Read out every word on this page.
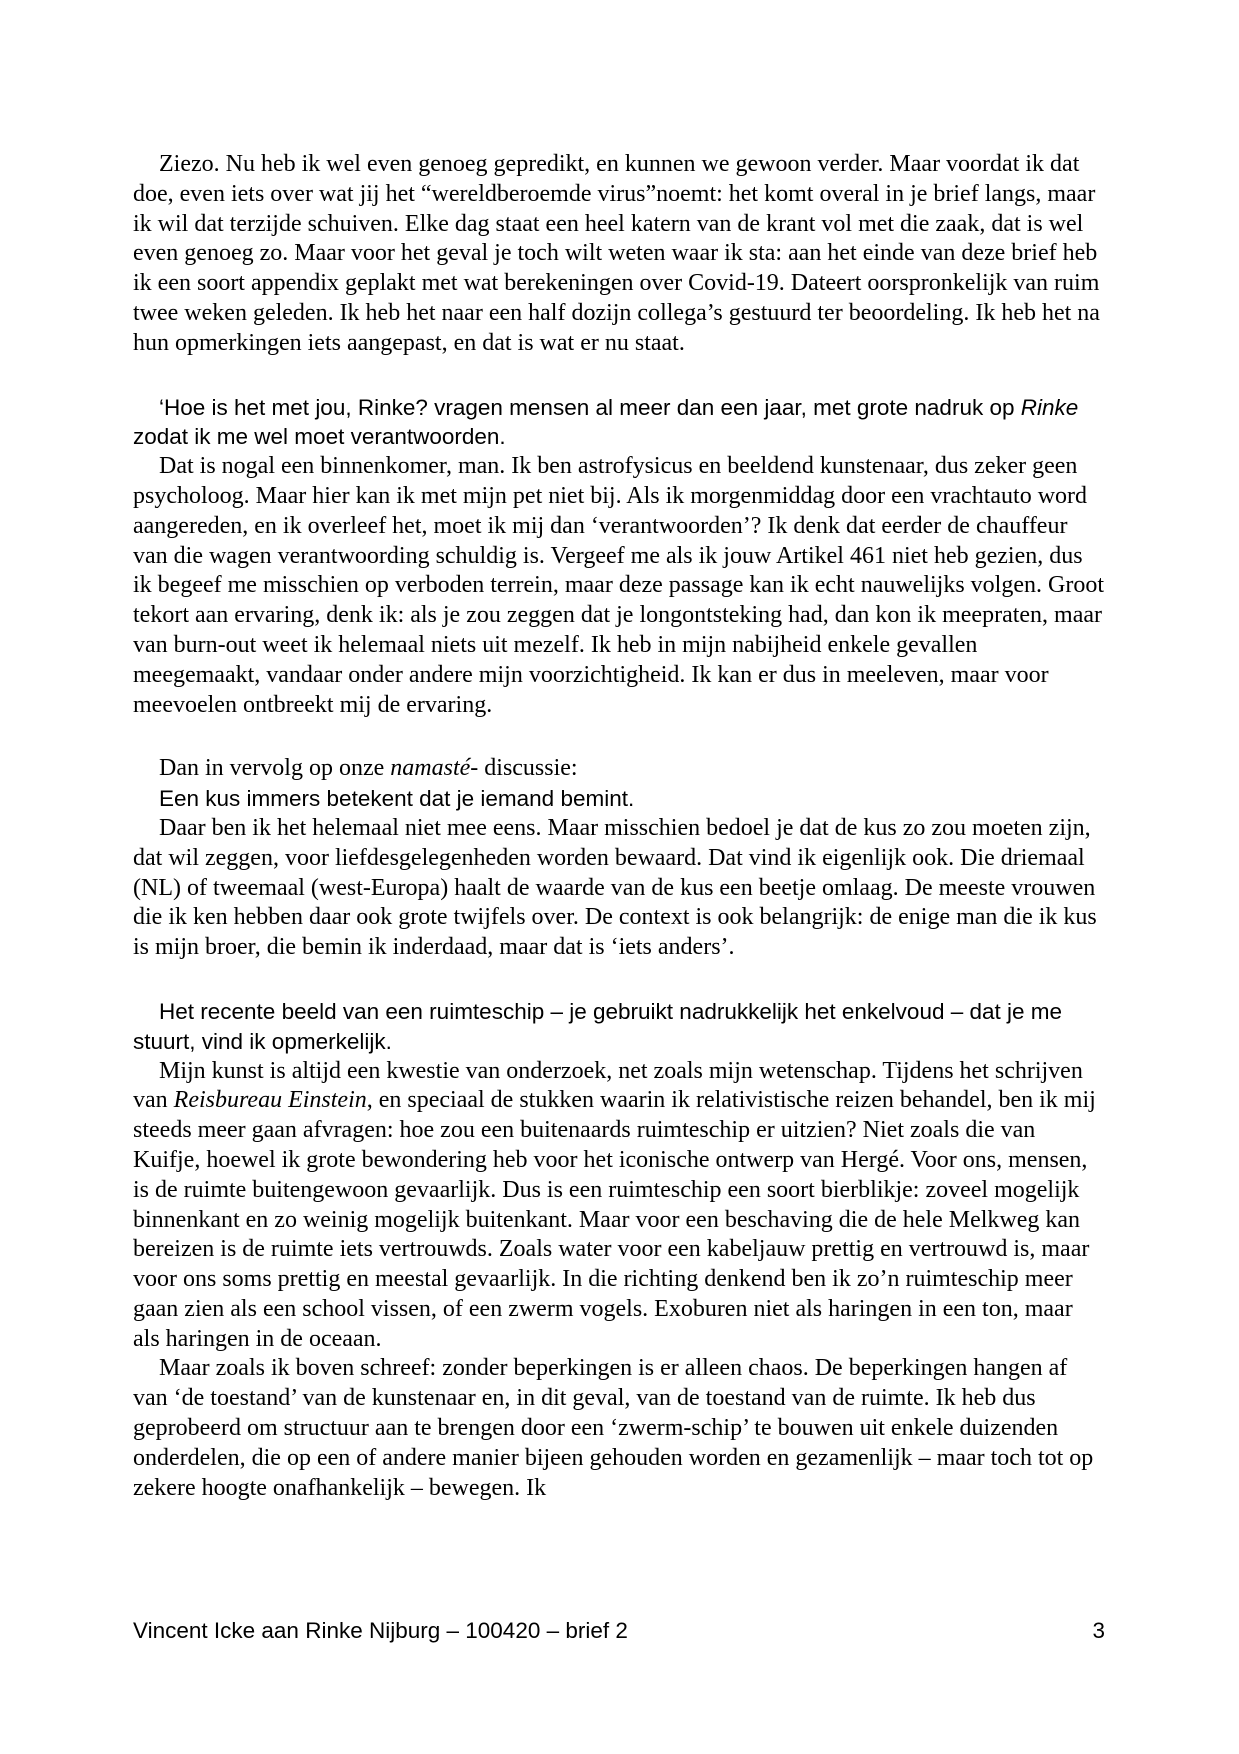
Ziezo. Nu heb ik wel even genoeg gepredikt, en kunnen we gewoon verder. Maar voordat ik dat doe, even iets over wat jij het “wereldberoemde virus”noemt: het komt overal in je brief langs, maar ik wil dat terzijde schuiven. Elke dag staat een heel katern van de krant vol met die zaak, dat is wel even genoeg zo. Maar voor het geval je toch wilt weten waar ik sta: aan het einde van deze brief heb ik een soort appendix geplakt met wat berekeningen over Covid-19. Dateert oorspronkelijk van ruim twee weken geleden. Ik heb het naar een half dozijn collega’s gestuurd ter beoordeling. Ik heb het na hun opmerkingen iets aangepast, en dat is wat er nu staat.

‘Hoe is het met jou, Rinke? vragen mensen al meer dan een jaar, met grote nadruk op Rinke zodat ik me wel moet verantwoorden.

Dat is nogal een binnenkomer, man. Ik ben astrofysicus en beeldend kunstenaar, dus zeker geen psycholoog. Maar hier kan ik met mijn pet niet bij. Als ik morgenmiddag door een vrachtauto word aangereden, en ik overleef het, moet ik mij dan ‘verantwoorden’? Ik denk dat eerder de chauffeur van die wagen verantwoording schuldig is. Vergeef me als ik jouw Artikel 461 niet heb gezien, dus ik begeef me misschien op verboden terrein, maar deze passage kan ik echt nauwelijks volgen. Groot tekort aan ervaring, denk ik: als je zou zeggen dat je longontsteking had, dan kon ik meepraten, maar van burn-out weet ik helemaal niets uit mezelf. Ik heb in mijn nabijheid enkele gevallen meegemaakt, vandaar onder andere mijn voorzichtigheid. Ik kan er dus in meeleven, maar voor meevoelen ontbreekt mij de ervaring.

Dan in vervolg op onze namasté- discussie:

Een kus immers betekent dat je iemand bemint.

Daar ben ik het helemaal niet mee eens. Maar misschien bedoel je dat de kus zo zou moeten zijn, dat wil zeggen, voor liefdesgelegenheden worden bewaard. Dat vind ik eigenlijk ook. Die driemaal (NL) of tweemaal (west-Europa) haalt de waarde van de kus een beetje omlaag. De meeste vrouwen die ik ken hebben daar ook grote twijfels over. De context is ook belangrijk: de enige man die ik kus is mijn broer, die bemin ik inderdaad, maar dat is ‘iets anders’.

Het recente beeld van een ruimteschip – je gebruikt nadrukkelijk het enkelvoud – dat je me stuurt, vind ik opmerkelijk.

Mijn kunst is altijd een kwestie van onderzoek, net zoals mijn wetenschap. Tijdens het schrijven van Reisbureau Einstein, en speciaal de stukken waarin ik relativistische reizen behandel, ben ik mij steeds meer gaan afvragen: hoe zou een buitenaards ruimteschip er uitzien? Niet zoals die van Kuifje, hoewel ik grote bewondering heb voor het iconische ontwerp van Hergé. Voor ons, mensen, is de ruimte buitengewoon gevaarlijk. Dus is een ruimteschip een soort bierblikje: zoveel mogelijk binnenkant en zo weinig mogelijk buitenkant. Maar voor een beschaving die de hele Melkweg kan bereizen is de ruimte iets vertrouwds. Zoals water voor een kabeljauw prettig en vertrouwd is, maar voor ons soms prettig en meestal gevaarlijk. In die richting denkend ben ik zo’n ruimteschip meer gaan zien als een school vissen, of een zwerm vogels. Exoburen niet als haringen in een ton, maar als haringen in de oceaan.

Maar zoals ik boven schreef: zonder beperkingen is er alleen chaos. De beperkingen hangen af van ‘de toestand’ van de kunstenaar en, in dit geval, van de toestand van de ruimte. Ik heb dus geprobeerd om structuur aan te brengen door een ‘zwerm-schip’ te bouwen uit enkele duizenden onderdelen, die op een of andere manier bijeen gehouden worden en gezamenlijk – maar toch tot op zekere hoogte onafhankelijk – bewegen. Ik

Vincent Icke aan Rinke Nijburg – 100420 – brief 2	3
